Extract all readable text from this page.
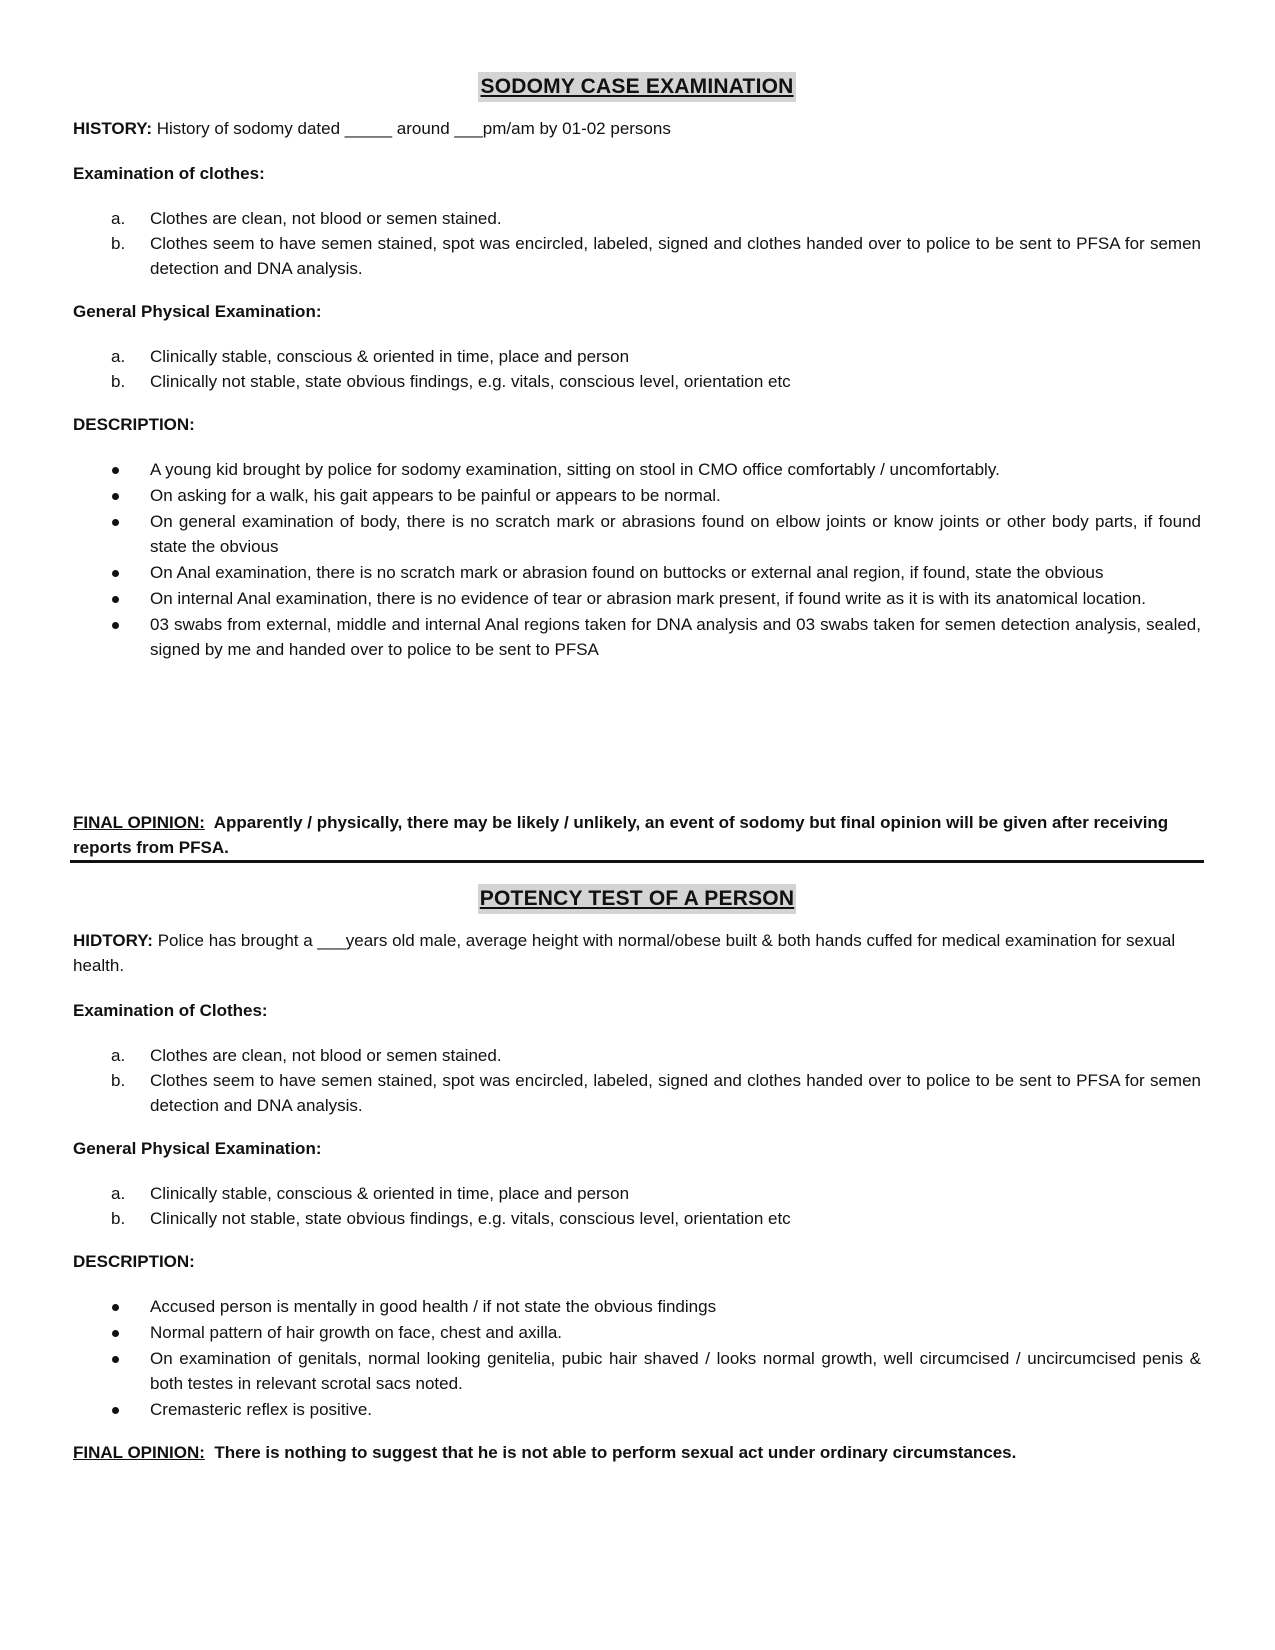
SODOMY CASE EXAMINATION

HISTORY: History of sodomy dated _____ around ___pm/am by 01-02 persons

Examination of clothes:
a. Clothes are clean, not blood or semen stained.
b. Clothes seem to have semen stained, spot was encircled, labeled, signed and clothes handed over to police to be sent to PFSA for semen detection and DNA analysis.
General Physical Examination:
a. Clinically stable, conscious & oriented in time, place and person
b. Clinically not stable, state obvious findings, e.g. vitals, conscious level, orientation etc
DESCRIPTION:
A young kid brought by police for sodomy examination, sitting on stool in CMO office comfortably / uncomfortably.
On asking for a walk, his gait appears to be painful or appears to be normal.
On general examination of body, there is no scratch mark or abrasions found on elbow joints or know joints or other body parts, if found state the obvious
On Anal examination, there is no scratch mark or abrasion found on buttocks or external anal region, if found, state the obvious
On internal Anal examination, there is no evidence of tear or abrasion mark present, if found write as it is with its anatomical location.
03 swabs from external, middle and internal Anal regions taken for DNA analysis and 03 swabs taken for semen detection analysis, sealed, signed by me and handed over to police to be sent to PFSA
FINAL OPINION:  Apparently / physically, there may be likely / unlikely, an event of sodomy but final opinion will be given after receiving reports from PFSA.
POTENCY TEST OF A PERSON

HIDTORY: Police has brought a ___years old male, average height with normal/obese built & both hands cuffed for medical examination for sexual health.

Examination of Clothes:
a. Clothes are clean, not blood or semen stained.
b. Clothes seem to have semen stained, spot was encircled, labeled, signed and clothes handed over to police to be sent to PFSA for semen detection and DNA analysis.
General Physical Examination:
a. Clinically stable, conscious & oriented in time, place and person
b. Clinically not stable, state obvious findings, e.g. vitals, conscious level, orientation etc
DESCRIPTION:
Accused person is mentally in good health / if not state the obvious findings
Normal pattern of hair growth on face, chest and axilla.
On examination of genitals, normal looking genitelia, pubic hair shaved / looks normal growth, well circumcised / uncircumcised penis & both testes in relevant scrotal sacs noted.
Cremasteric reflex is positive.
FINAL OPINION:  There is nothing to suggest that he is not able to perform sexual act under ordinary circumstances.
